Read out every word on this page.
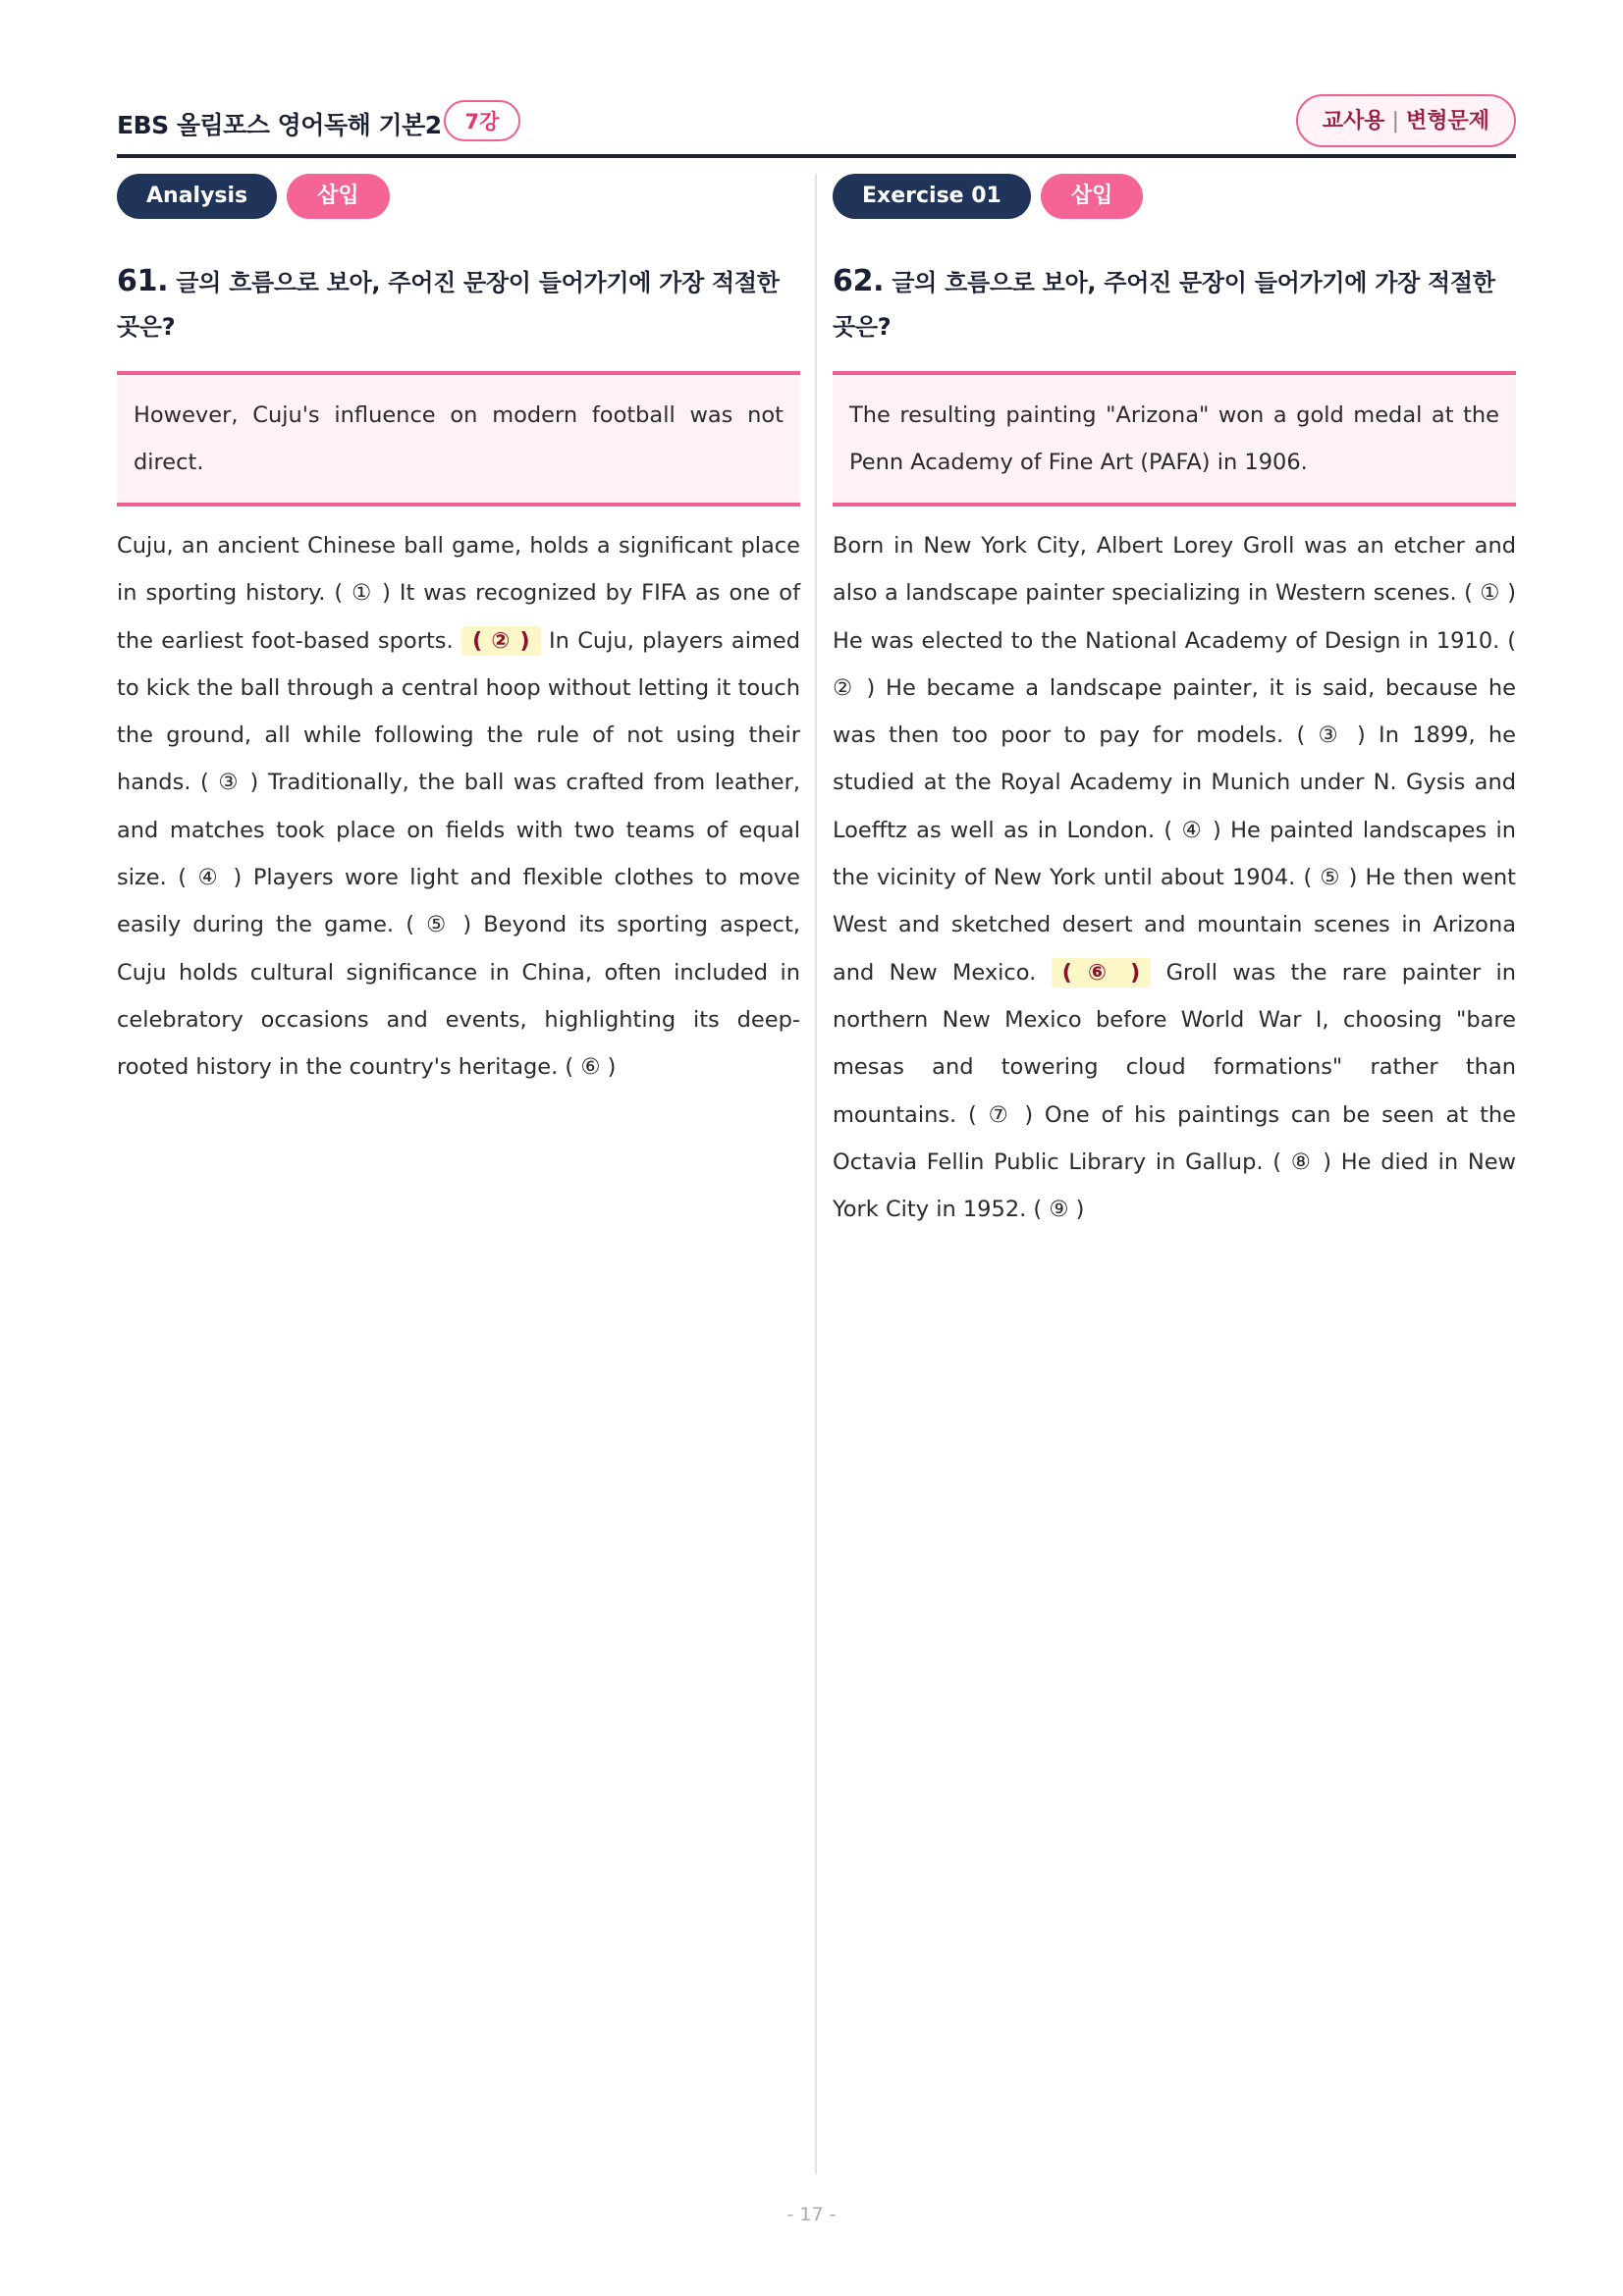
EBS 올림포스 영어독해 기본2	7강	교사용 | 변형문제
Analysis	삽입
61. 글의 흐름으로 보아, 주어진 문장이 들어가기에 가장 적절한 곳은?
However, Cuju's influence on modern football was not direct.
Cuju, an ancient Chinese ball game, holds a significant place in sporting history. ( ① ) It was recognized by FIFA as one of the earliest foot-based sports. ( ② ) In Cuju, players aimed to kick the ball through a central hoop without letting it touch the ground, all while following the rule of not using their hands. ( ③ ) Traditionally, the ball was crafted from leather, and matches took place on fields with two teams of equal size. ( ④ ) Players wore light and flexible clothes to move easily during the game. ( ⑤ ) Beyond its sporting aspect, Cuju holds cultural significance in China, often included in celebratory occasions and events, highlighting its deep-rooted history in the country's heritage. ( ⑥ )
Exercise 01	삽입
62. 글의 흐름으로 보아, 주어진 문장이 들어가기에 가장 적절한 곳은?
The resulting painting "Arizona" won a gold medal at the Penn Academy of Fine Art (PAFA) in 1906.
Born in New York City, Albert Lorey Groll was an etcher and also a landscape painter specializing in Western scenes. ( ① ) He was elected to the National Academy of Design in 1910. ( ② ) He became a landscape painter, it is said, because he was then too poor to pay for models. ( ③ ) In 1899, he studied at the Royal Academy in Munich under N. Gysis and Loefftz as well as in London. ( ④ ) He painted landscapes in the vicinity of New York until about 1904. ( ⑤ ) He then went West and sketched desert and mountain scenes in Arizona and New Mexico. ( ⑥ ) Groll was the rare painter in northern New Mexico before World War I, choosing "bare mesas and towering cloud formations" rather than mountains. ( ⑦ ) One of his paintings can be seen at the Octavia Fellin Public Library in Gallup. ( ⑧ ) He died in New York City in 1952. ( ⑨ )
- 17 -
